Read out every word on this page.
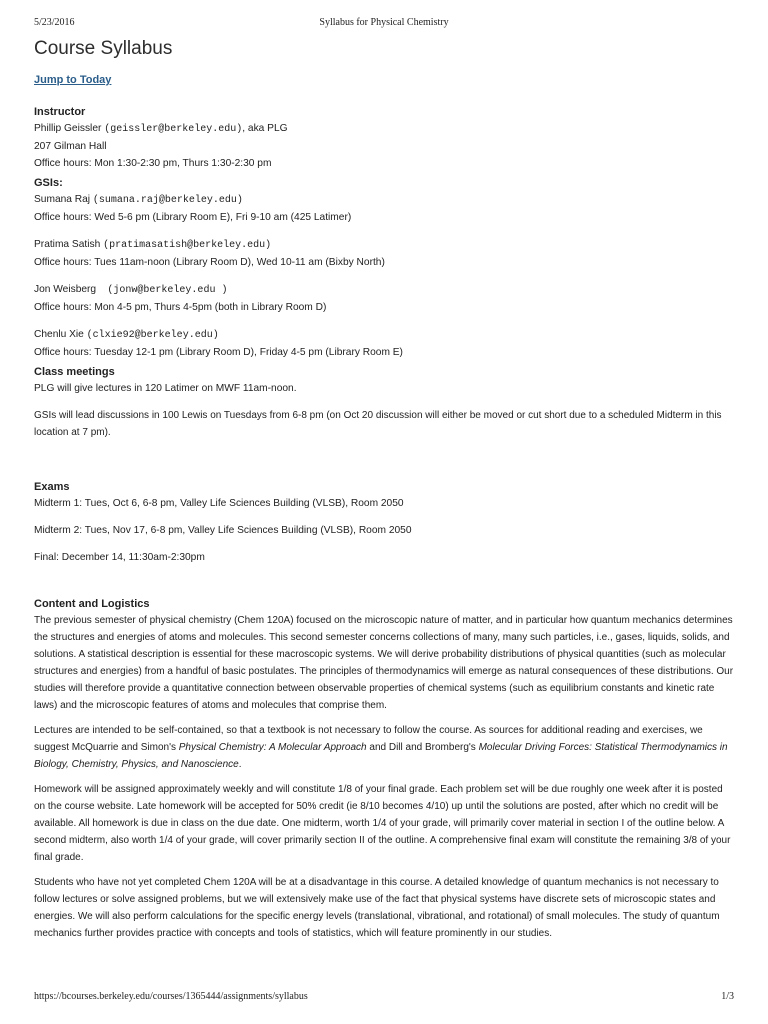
5/23/2016	Syllabus for Physical Chemistry
Course Syllabus
Jump to Today
Instructor
Phillip Geissler (geissler@berkeley.edu), aka PLG
207 Gilman Hall
Office hours: Mon 1:30-2:30 pm, Thurs 1:30-2:30 pm
GSIs:
Sumana Raj (sumana.raj@berkeley.edu)
Office hours: Wed 5-6 pm (Library Room E), Fri 9-10 am (425 Latimer)
Pratima Satish (pratimasatish@berkeley.edu)
Office hours: Tues 11am-noon (Library Room D), Wed 10-11 am (Bixby North)
Jon Weisberg    (jonw@berkeley.edu )
Office hours: Mon 4-5 pm, Thurs 4-5pm (both in Library Room D)
Chenlu Xie (clxie92@berkeley.edu)
Office hours: Tuesday 12-1 pm (Library Room D), Friday 4-5 pm (Library Room E)
Class meetings
PLG will give lectures in 120 Latimer on MWF 11am-noon.
GSIs will lead discussions in 100 Lewis on Tuesdays from 6-8 pm (on Oct 20 discussion will either be moved or cut short due to a scheduled Midterm in this location at 7 pm).
Exams
Midterm 1: Tues, Oct 6, 6-8 pm, Valley Life Sciences Building (VLSB), Room 2050
Midterm 2: Tues, Nov 17, 6-8 pm, Valley Life Sciences Building (VLSB), Room 2050
Final: December 14, 11:30am-2:30pm
Content and Logistics
The previous semester of physical chemistry (Chem 120A) focused on the microscopic nature of matter, and in particular how quantum mechanics determines the structures and energies of atoms and molecules. This second semester concerns collections of many, many such particles, i.e., gases, liquids, solids, and solutions. A statistical description is essential for these macroscopic systems. We will derive probability distributions of physical quantities (such as molecular structures and energies) from a handful of basic postulates. The principles of thermodynamics will emerge as natural consequences of these distributions. Our studies will therefore provide a quantitative connection between observable properties of chemical systems (such as equilibrium constants and kinetic rate laws) and the microscopic features of atoms and molecules that comprise them.
Lectures are intended to be self-contained, so that a textbook is not necessary to follow the course. As sources for additional reading and exercises, we suggest McQuarrie and Simon's Physical Chemistry: A Molecular Approach and Dill and Bromberg's Molecular Driving Forces: Statistical Thermodynamics in Biology, Chemistry, Physics, and Nanoscience.
Homework will be assigned approximately weekly and will constitute 1/8 of your final grade. Each problem set will be due roughly one week after it is posted on the course website. Late homework will be accepted for 50% credit (ie 8/10 becomes 4/10) up until the solutions are posted, after which no credit will be available. All homework is due in class on the due date. One midterm, worth 1/4 of your grade, will primarily cover material in section I of the outline below. A second midterm, also worth 1/4 of your grade, will cover primarily section II of the outline. A comprehensive final exam will constitute the remaining 3/8 of your final grade.
Students who have not yet completed Chem 120A will be at a disadvantage in this course. A detailed knowledge of quantum mechanics is not necessary to follow lectures or solve assigned problems, but we will extensively make use of the fact that physical systems have discrete sets of microscopic states and energies. We will also perform calculations for the specific energy levels (translational, vibrational, and rotational) of small molecules. The study of quantum mechanics further provides practice with concepts and tools of statistics, which will feature prominently in our studies.
https://bcourses.berkeley.edu/courses/1365444/assignments/syllabus	1/3
